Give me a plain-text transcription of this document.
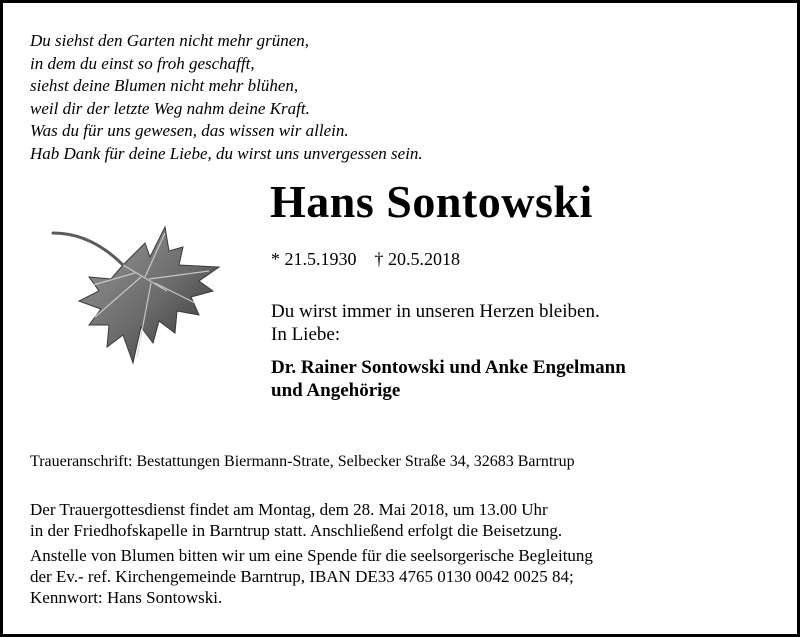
Du siehst den Garten nicht mehr grünen,
in dem du einst so froh geschafft,
siehst deine Blumen nicht mehr blühen,
weil dir der letzte Weg nahm deine Kraft.
Was du für uns gewesen, das wissen wir allein.
Hab Dank für deine Liebe, du wirst uns unvergessen sein.
Hans Sontowski
* 21.5.1930 † 20.5.2018
Du wirst immer in unseren Herzen bleiben.
In Liebe:
Dr. Rainer Sontowski und Anke Engelmann
und Angehörige
Traueranschrift: Bestattungen Biermann-Strate, Selbecker Straße 34, 32683 Barntrup
Der Trauergottesdienst findet am Montag, dem 28. Mai 2018, um 13.00 Uhr
in der Friedhofskapelle in Barntrup statt. Anschließend erfolgt die Beisetzung.
Anstelle von Blumen bitten wir um eine Spende für die seelsorgerische Begleitung
der Ev.- ref. Kirchengemeinde Barntrup, IBAN DE33 4765 0130 0042 0025 84;
Kennwort: Hans Sontowski.
